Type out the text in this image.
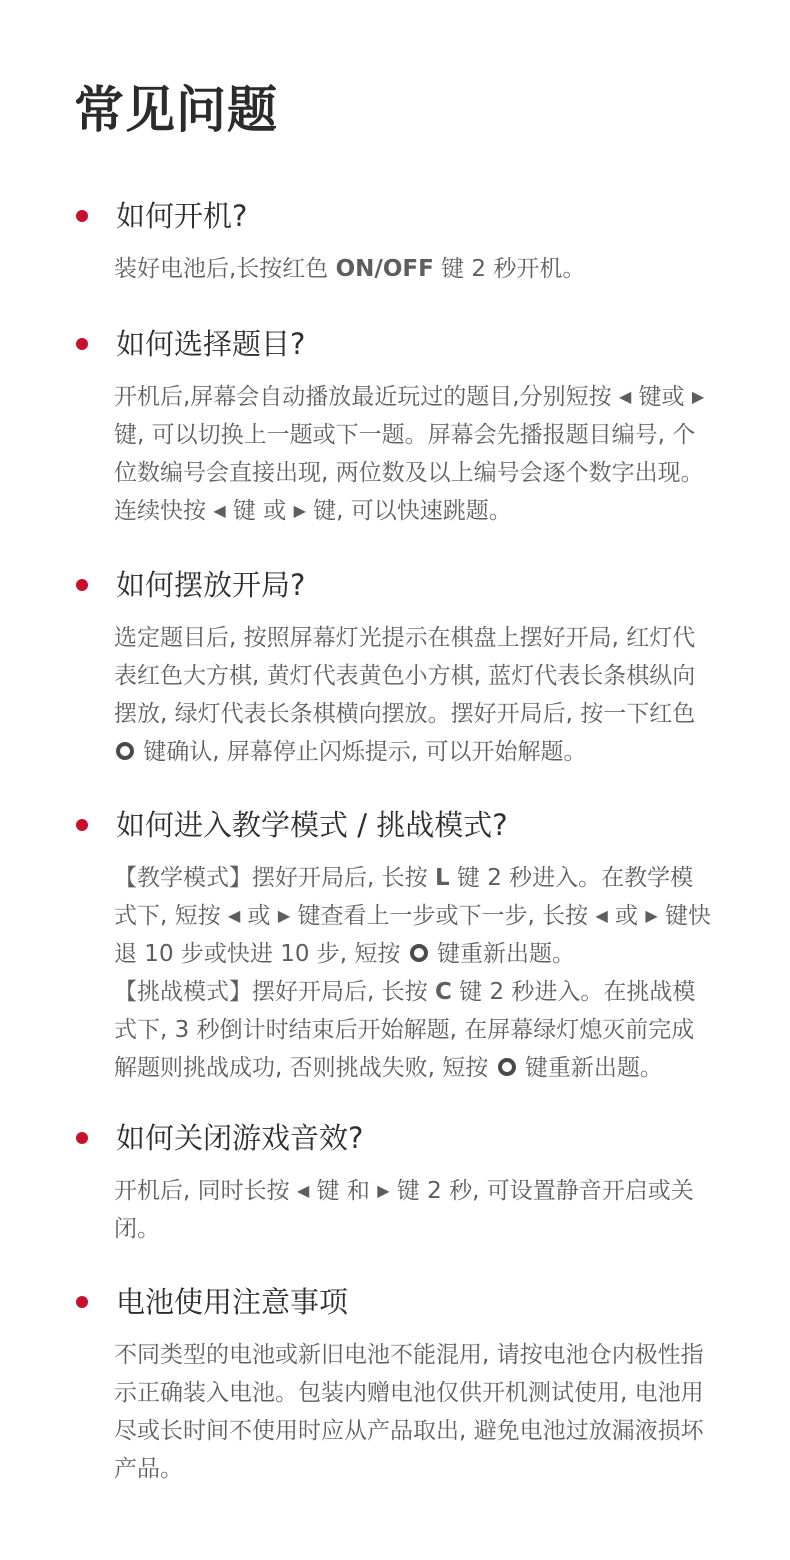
常见问题
如何开机?
装好电池后,长按红色 ON/OFF 键 2 秒开机。
如何选择题目?
开机后,屏幕会自动播放最近玩过的题目,分别短按 ◀ 键或 ▶ 键, 可以切换上一题或下一题。屏幕会先播报题目编号, 个位数编号会直接出现, 两位数及以上编号会逐个数字出现。连续快按 ◀ 键 或 ▶ 键, 可以快速跳题。
如何摆放开局?
选定题目后, 按照屏幕灯光提示在棋盘上摆好开局, 红灯代表红色大方棋, 黄灯代表黄色小方棋, 蓝灯代表长条棋纵向摆放, 绿灯代表长条棋横向摆放。摆好开局后, 按一下红色  键确认, 屏幕停止闪烁提示, 可以开始解题。
如何进入教学模式 / 挑战模式?

【教学模式】摆好开局后, 长按 L 键 2 秒进入。在教学模式下, 短按 ◀ 或 ▶ 键查看上一步或下一步, 长按 ◀ 或 ▶ 键快退 10 步或快进 10 步, 短按  键重新出题。

【挑战模式】摆好开局后, 长按 C 键 2 秒进入。在挑战模式下, 3 秒倒计时结束后开始解题, 在屏幕绿灯熄灭前完成解题则挑战成功, 否则挑战失败, 短按  键重新出题。

如何关闭游戏音效?
开机后, 同时长按 ◀ 键 和 ▶ 键 2 秒, 可设置静音开启或关闭。
电池使用注意事项
不同类型的电池或新旧电池不能混用, 请按电池仓内极性指示正确装入电池。包装内赠电池仅供开机测试使用, 电池用尽或长时间不使用时应从产品取出, 避免电池过放漏液损坏产品。
